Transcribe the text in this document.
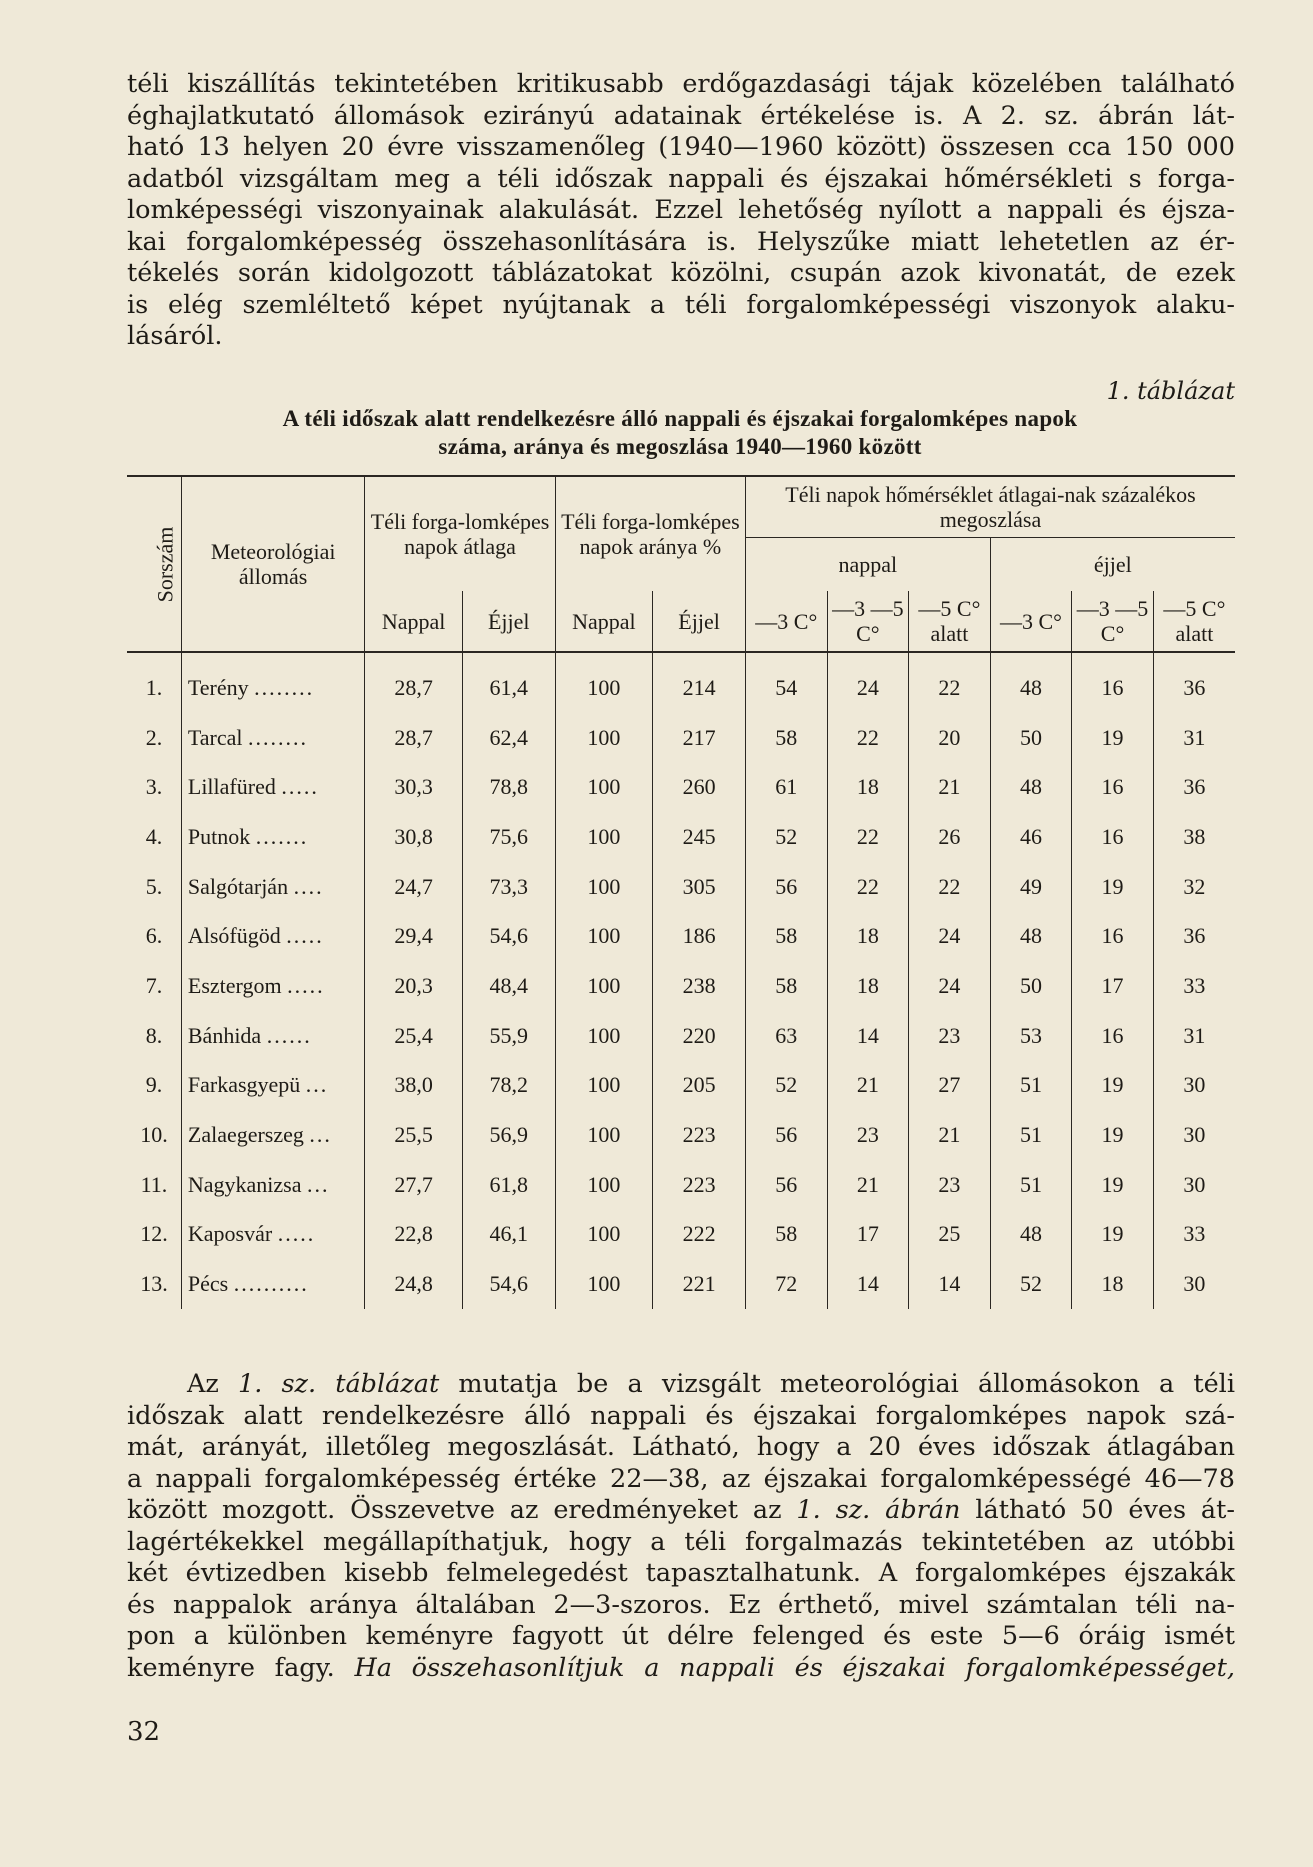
téli kiszállítás tekintetében kritikusabb erdőgazdasági tájak közelében található
éghajlatkutató állomások ezirányú adatainak értékelése is. A 2. sz. ábrán lát-
ható 13 helyen 20 évre visszamenőleg (1940—1960 között) összesen cca 150 000
adatból vizsgáltam meg a téli időszak nappali és éjszakai hőmérsékleti s forga-
lomképességi viszonyainak alakulását. Ezzel lehetőség nyílott a nappali és éjsza-
kai forgalomképesség összehasonlítására is. Helyszűke miatt lehetetlen az ér-
tékelés során kidolgozott táblázatokat közölni, csupán azok kivonatát, de ezek
is elég szemléltető képet nyújtanak a téli forgalomképességi viszonyok alaku-
lásáról.
1. táblázat
A téli időszak alatt rendelkezésre álló nappali és éjszakai forgalomképes napok
száma, aránya és megoszlása 1940—1960 között
Sorszám	Meteorológiai állomás	Téli forga-lomképes napok átlaga		Téli forga-lomképes napok aránya %		Téli napok hőmérséklet átlagai-nak százalékos megoszlása					
						nappal			éjjel		
		Nappal	Éjjel	Nappal	Éjjel	—3 C°	—3 —5 C°	—5 C° alatt	—3 C°	—3 —5 C°	—5 C° alatt
1.	Terény ........	28,7	61,4	100	214	54	24	22	48	16	36
2.	Tarcal ........	28,7	62,4	100	217	58	22	20	50	19	31
3.	Lillafüred .....	30,3	78,8	100	260	61	18	21	48	16	36
4.	Putnok .......	30,8	75,6	100	245	52	22	26	46	16	38
5.	Salgótarján ....	24,7	73,3	100	305	56	22	22	49	19	32
6.	Alsófügöd .....	29,4	54,6	100	186	58	18	24	48	16	36
7.	Esztergom .....	20,3	48,4	100	238	58	18	24	50	17	33
8.	Bánhida ......	25,4	55,9	100	220	63	14	23	53	16	31
9.	Farkasgyepü ...	38,0	78,2	100	205	52	21	27	51	19	30
10.	Zalaegerszeg ...	25,5	56,9	100	223	56	23	21	51	19	30
11.	Nagykanizsa ...	27,7	61,8	100	223	56	21	23	51	19	30
12.	Kaposvár .....	22,8	46,1	100	222	58	17	25	48	19	33
13.	Pécs ..........	24,8	54,6	100	221	72	14	14	52	18	30
Az 1. sz. táblázat mutatja be a vizsgált meteorológiai állomásokon a téli
időszak alatt rendelkezésre álló nappali és éjszakai forgalomképes napok szá-
mát, arányát, illetőleg megoszlását. Látható, hogy a 20 éves időszak átlagában
a nappali forgalomképesség értéke 22—38, az éjszakai forgalomképességé 46—78
között mozgott. Összevetve az eredményeket az 1. sz. ábrán látható 50 éves át-
lagértékekkel megállapíthatjuk, hogy a téli forgalmazás tekintetében az utóbbi
két évtizedben kisebb felmelegedést tapasztalhatunk. A forgalomképes éjszakák
és nappalok aránya általában 2—3-szoros. Ez érthető, mivel számtalan téli na-
pon a különben keményre fagyott út délre felenged és este 5—6 óráig ismét
keményre fagy. Ha összehasonlítjuk a nappali és éjszakai forgalomképességet,
32
